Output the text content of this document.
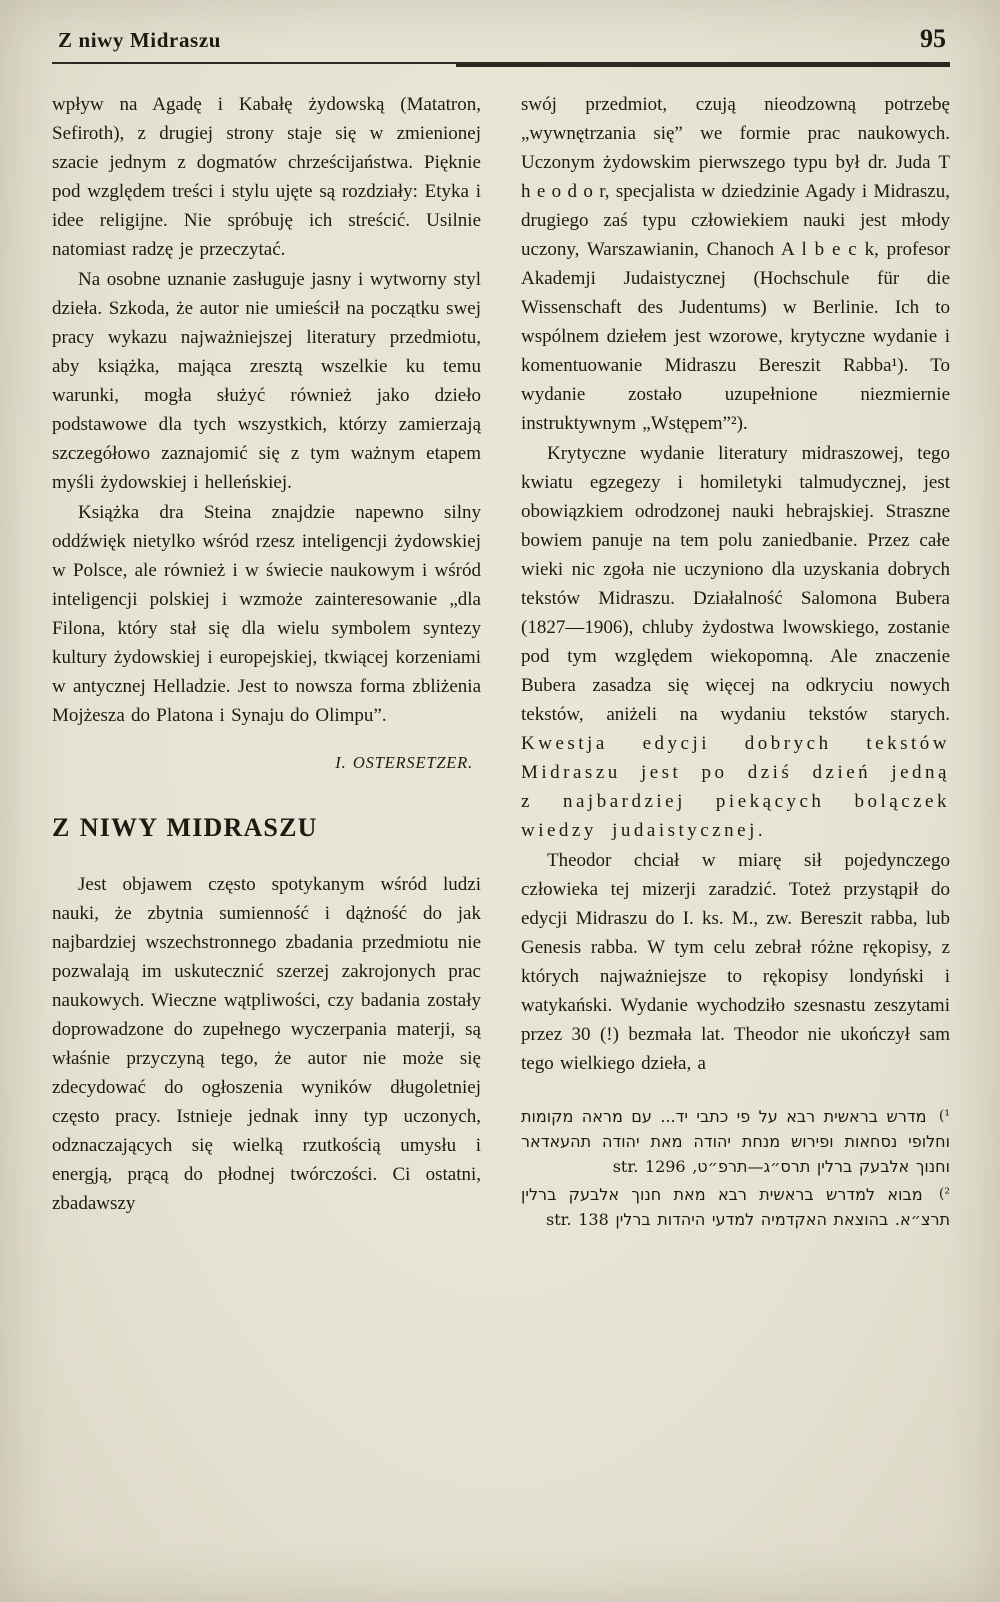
Z niwy Midraszu	95

wpływ na Agadę i Kabałę żydowską (Matatron, Sefiroth), z drugiej strony staje się w zmienionej szacie jednym z dogmatów chrześcijaństwa. Pięknie pod względem treści i stylu ujęte są rozdziały: Etyka i idee religijne. Nie spróbuję ich streścić. Usilnie natomiast radzę je przeczytać.

Na osobne uznanie zasługuje jasny i wytworny styl dzieła. Szkoda, że autor nie umieścił na początku swej pracy wykazu najważniejszej literatury przedmiotu, aby książka, mająca zresztą wszelkie ku temu warunki, mogła służyć również jako dzieło podstawowe dla tych wszystkich, którzy zamierzają szczegółowo zaznajomić się z tym ważnym etapem myśli żydowskiej i helleńskiej.

Książka dra Steina znajdzie napewno silny oddźwięk nietylko wśród rzesz inteligencji żydowskiej w Polsce, ale również i w świecie naukowym i wśród inteligencji polskiej i wzmoże zainteresowanie „dla Filona, który stał się dla wielu symbolem syntezy kultury żydowskiej i europejskiej, tkwiącej korzeniami w antycznej Helladzie. Jest to nowsza forma zbliżenia Mojżesza do Platona i Synaju do Olimpu”.

I. OSTERSETZER.

Z NIWY MIDRASZU

Jest objawem często spotykanym wśród ludzi nauki, że zbytnia sumienność i dążność do jak najbardziej wszechstronnego zbadania przedmiotu nie pozwalają im uskutecznić szerzej zakrojonych prac naukowych. Wieczne wątpliwości, czy badania zostały doprowadzone do zupełnego wyczerpania materji, są właśnie przyczyną tego, że autor nie może się zdecydować do ogłoszenia wyników długoletniej często pracy. Istnieje jednak inny typ uczonych, odznaczających się wielką rzutkością umysłu i energją, prącą do płodnej twórczości. Ci ostatni, zbadawszy

swój przedmiot, czują nieodzowną potrzebę „wywnętrzania się” we formie prac naukowych. Uczonym żydowskim pierwszego typu był dr. Juda T h e o d o r, specjalista w dziedzinie Agady i Midraszu, drugiego zaś typu człowiekiem nauki jest młody uczony, Warszawianin, Chanoch A l b e c k, profesor Akademji Judaistycznej (Hochschule für die Wissenschaft des Judentums) w Berlinie. Ich to wspólnem dziełem jest wzorowe, krytyczne wydanie i komentuowanie Midraszu Bereszit Rabba¹). To wydanie zostało uzupełnione niezmiernie instruktywnym „Wstępem”²).

Krytyczne wydanie literatury midraszowej, tego kwiatu egzegezy i homiletyki talmudycznej, jest obowiązkiem odrodzonej nauki hebrajskiej. Straszne bowiem panuje na tem polu zaniedbanie. Przez całe wieki nic zgoła nie uczyniono dla uzyskania dobrych tekstów Midraszu. Działalność Salomona Bubera (1827—1906), chluby żydostwa lwowskiego, zostanie pod tym względem wiekopomną. Ale znaczenie Bubera zasadza się więcej na odkryciu nowych tekstów, aniżeli na wydaniu tekstów starych. Kwestja edycji dobrych tekstów Midraszu jest po dziś dzień jedną z najbardziej piekących bolączek wiedzy judaistycznej.

Theodor chciał w miarę sił pojedynczego człowieka tej mizerji zaradzić. Toteż przystąpił do edycji Midraszu do I. ks. M., zw. Bereszit rabba, lub Genesis rabba. W tym celu zebrał różne rękopisy, z których najważniejsze to rękopisy londyński i watykański. Wydanie wychodziło szesnastu zeszytami przez 30 (!) bezmała lat. Theodor nie ukończył sam tego wielkiego dzieła, a

(¹ מדרש בראשית רבא על פי כתבי יד... עם מראה מקומות וחלופי נסחאות ופירוש מנחת יהודה מאת יהודה תהעאדאר וחנוך אלבעק ברלין תרס״ג—תרפ״ט, str. 1296

(² מבוא למדרש בראשית רבא מאת חנוך אלבעק ברלין תרצ״א. בהוצאת האקדמיה למדעי היהדות ברלין str. 138
